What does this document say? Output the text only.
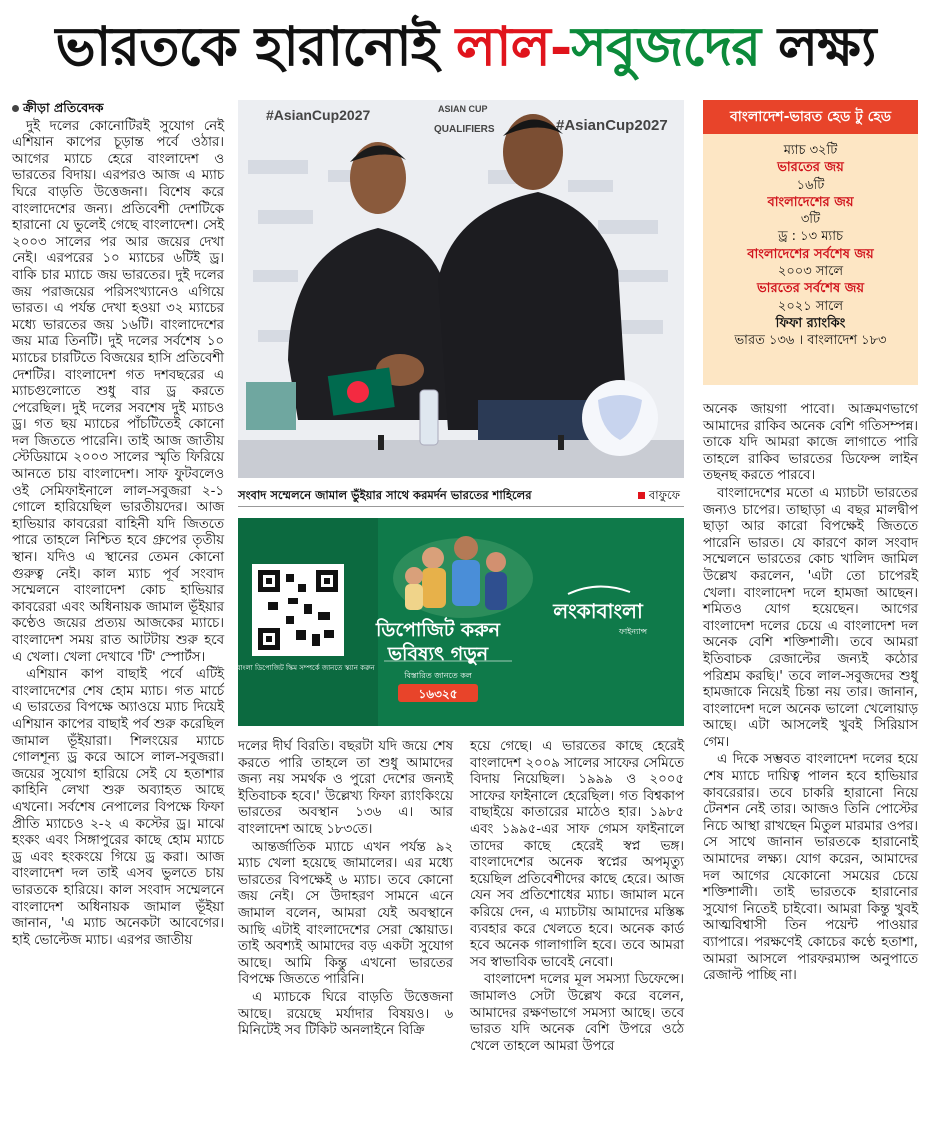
ভারতকে হারানোই লাল-সবুজদের লক্ষ্য
ক্রীড়া প্রতিবেদক

দুই দলের কোনোটিরই সুযোগ নেই এশিয়ান কাপের চূড়ান্ত পর্বে ওঠার। আগের ম্যাচে হেরে বাংলাদেশ ও ভারতের বিদায়। এরপরও আজ এ ম্যাচ ঘিরে বাড়তি উত্তেজনা। বিশেষ করে বাংলাদেশের জন্য। প্রতিবেশী দেশটিকে হারানো যে ভুলেই গেছে বাংলাদেশ। সেই ২০০৩ সালের পর আর জয়ের দেখা নেই। এরপরের ১০ ম্যাচের ৬টিই ড্র। বাকি চার ম্যাচে জয় ভারতের। দুই দলের জয় পরাজয়ের পরিসংখ্যানেও এগিয়ে ভারত। এ পর্যন্ত দেখা হওয়া ৩২ ম্যাচের মধ্যে ভারতের জয় ১৬টি। বাংলাদেশের জয় মাত্র তিনটি। দুই দলের সর্বশেষ ১০ ম্যাচের চারটিতে বিজয়ের হাসি প্রতিবেশী দেশটির। বাংলাদেশ গত দশবছরের এ ম্যাচগুলোতে শুধু বার ড্র করতে পেরেছিল। দুই দলের সবশেষ দুই ম্যাচও ড্র। গত ছয় ম্যাচের পাঁচটিতেই কোনো দল জিততে পারেনি। তাই আজ জাতীয় স্টেডিয়ামে ২০০৩ সালের স্মৃতি ফিরিয়ে আনতে চায় বাংলাদেশ। সাফ ফুটবলেও ওই সেমিফাইনালে লাল-সবুজরা ২-১ গোলে হারিয়েছিল ভারতীয়দের। আজ হাভিয়ার কাবরেরা বাহিনী যদি জিততে পারে তাহলে নিশ্চিত হবে গ্রুপের তৃতীয় স্থান। যদিও এ স্থানের তেমন কোনো গুরুত্ব নেই। কাল ম্যাচ পূর্ব সংবাদ সম্মেলনে বাংলাদেশ কোচ হাভিয়ার কাবরেরা এবং অধিনায়ক জামাল ভূঁইয়ার কণ্ঠেও জয়ের প্রত্যয় আজকের ম্যাচে। বাংলাদেশ সময় রাত আটটায় শুরু হবে এ খেলা। খেলা দেখাবে 'টি' স্পোর্টস।

এশিয়ান কাপ বাছাই পর্বে এটিই বাংলাদেশের শেষ হোম ম্যাচ। গত মার্চে এ ভারতের বিপক্ষে অ্যাওয়ে ম্যাচ দিয়েই এশিয়ান কাপের বাছাই পর্ব শুরু করেছিল জামাল ভূঁইয়ারা। শিলংয়ের ম্যাচে গোলশূন্য ড্র করে আসে লাল-সবুজরা। জয়ের সুযোগ হারিয়ে সেই যে হতাশার কাহিনি লেখা শুরু অব্যাহত আছে এখনো। সর্বশেষ নেপালের বিপক্ষে ফিফা প্রীতি ম্যাচেও ২-২ এ কস্টের ড্র। মাঝে হংকং এবং সিঙ্গাপুরের কাছে হোম ম্যাচে ড্র এবং হংকংয়ে গিয়ে ড্র করা। আজ বাংলাদেশ দল তাই এসব ভুলতে চায় ভারতকে হারিয়ে। কাল সংবাদ সম্মেলনে বাংলাদেশ অধিনায়ক জামাল ভূঁইয়া জানান, 'এ ম্যাচ অনেকটা আবেগের। হাই ভোল্টেজ ম্যাচ। এরপর জাতীয়

#AsianCup2027
#AsianCup2027
ASIAN CUP
QUALIFIERS
সংবাদ সম্মেলনে জামাল ভুঁইয়ার সাথে করমর্দন ভারতের শাহিলের	বাফুফে
লংকাবাংলা ডিপোজিট স্কিম সম্পর্কে জানতে স্ক্যান করুন
ডিপোজিট করুন
ভবিষ্যৎ গড়ুন
বিস্তারিত জানতে কল
১৬৩২৫
লংকাবাংলা
ফাইন্যান্স

দলের দীর্ঘ বিরতি। বছরটা যদি জয়ে শেষ করতে পারি তাহলে তা শুধু আমাদের জন্য নয় সমর্থক ও পুরো দেশের জন্যই ইতিবাচক হবে।' উল্লেখ্য ফিফা র‍্যাংকিংয়ে ভারতের অবস্থান ১৩৬ এ। আর বাংলাদেশ আছে ১৮৩তে।

আন্তর্জাতিক ম্যাচে এখন পর্যন্ত ৯২ ম্যাচ খেলা হয়েছে জামালের। এর মধ্যে ভারতের বিপক্ষেই ৬ ম্যাচ। তবে কোনো জয় নেই। সে উদাহরণ সামনে এনে জামাল বলেন, আমরা যেই অবস্থানে আছি এটাই বাংলাদেশের সেরা স্কোয়াড। তাই অবশ্যই আমাদের বড় একটা সুযোগ আছে। আমি কিন্তু এখনো ভারতের বিপক্ষে জিততে পারিনি।

এ ম্যাচকে ঘিরে বাড়তি উত্তেজনা আছে। রয়েছে মর্যাদার বিষয়ও। ৬ মিনিটেই সব টিকিট অনলাইনে বিক্রি

হয়ে গেছে। এ ভারতের কাছে হেরেই বাংলাদেশ ২০০৯ সালের সাফের সেমিতে বিদায় নিয়েছিল। ১৯৯৯ ও ২০০৫ সাফের ফাইনালে হেরেছিল। গত বিশ্বকাপ বাছাইয়ে কাতারের মাঠেও হার। ১৯৮৫ এবং ১৯৯৫-এর সাফ গেমস ফাইনালে তাদের কাছে হেরেই স্বপ্ন ভঙ্গ। বাংলাদেশের অনেক স্বপ্নের অপমৃত্যু হয়েছিল প্রতিবেশীদের কাছে হেরে। আজ যেন সব প্রতিশোধের ম্যাচ। জামাল মনে করিয়ে দেন, এ ম্যাচটায় আমাদের মস্তিষ্ক ব্যবহার করে খেলতে হবে। অনেক কার্ড হবে অনেক গালাগালি হবে। তবে আমরা সব স্বাভাবিক ভাবেই নেবো।

বাংলাদেশ দলের মূল সমস্যা ডিফেন্সে। জামালও সেটা উল্লেখ করে বলেন, আমাদের রক্ষণভাগে সমস্যা আছে। তবে ভারত যদি অনেক বেশি উপরে ওঠে খেলে তাহলে আমরা উপরে

বাংলাদেশ-ভারত হেড টু হেড
ম্যাচ ৩২টি
ভারতের জয়
১৬টি
বাংলাদেশের জয়
৩টি
ড্র : ১৩ ম্যাচ
বাংলাদেশের সর্বশেষ জয়
২০০৩ সালে
ভারতের সর্বশেষ জয়
২০২১ সালে
ফিফা র‍্যাংকিং
ভারত ১৩৬ । বাংলাদেশ ১৮৩

অনেক জায়গা পাবো। আক্রমণভাগে আমাদের রাকিব অনেক বেশি গতিসম্পন্ন। তাকে যদি আমরা কাজে লাগাতে পারি তাহলে রাকিব ভারতের ডিফেন্স লাইন তছনছ করতে পারবে।

বাংলাদেশের মতো এ ম্যাচটা ভারতের জন্যও চাপের। তাছাড়া এ বছর মালদ্বীপ ছাড়া আর কারো বিপক্ষেই জিততে পারেনি ভারত। যে কারণে কাল সংবাদ সম্মেলনে ভারতের কোচ খালিদ জামিল উল্লেখ করলেন, 'এটা তো চাপেরই খেলা। বাংলাদেশ দলে হামজা আছেন। শমিতও যোগ হয়েছেন। আগের বাংলাদেশ দলের চেয়ে এ বাংলাদেশ দল অনেক বেশি শক্তিশালী। তবে আমরা ইতিবাচক রেজাল্টের জন্যই কঠোর পরিশ্রম করছি।' তবে লাল-সবুজদের শুধু হামজাকে নিয়েই চিন্তা নয় তার। জানান, বাংলাদেশ দলে অনেক ভালো খেলোয়াড় আছে। এটা আসলেই খুবই সিরিয়াস গেম।

এ দিকে সম্ভবত বাংলাদেশ দলের হয়ে শেষ ম্যাচে দায়িত্ব পালন হবে হাভিয়ার কাবরেরার। তবে চাকরি হারানো নিয়ে টেনশন নেই তার। আজও তিনি পোস্টের নিচে আস্থা রাখছেন মিতুল মারমার ওপর। সে সাথে জানান ভারতকে হারানোই আমাদের লক্ষ্য। যোগ করেন, আমাদের দল আগের যেকোনো সময়ের চেয়ে শক্তিশালী। তাই ভারতকে হারানোর সুযোগ নিতেই চাইবো। আমরা কিন্তু খুবই আত্মবিশ্বাসী তিন পয়েন্ট পাওয়ার ব্যাপারে। পরক্ষণেই কোচের কণ্ঠে হতাশা, আমরা আসলে পারফরম্যান্স অনুপাতে রেজাল্ট পাচ্ছি না।
